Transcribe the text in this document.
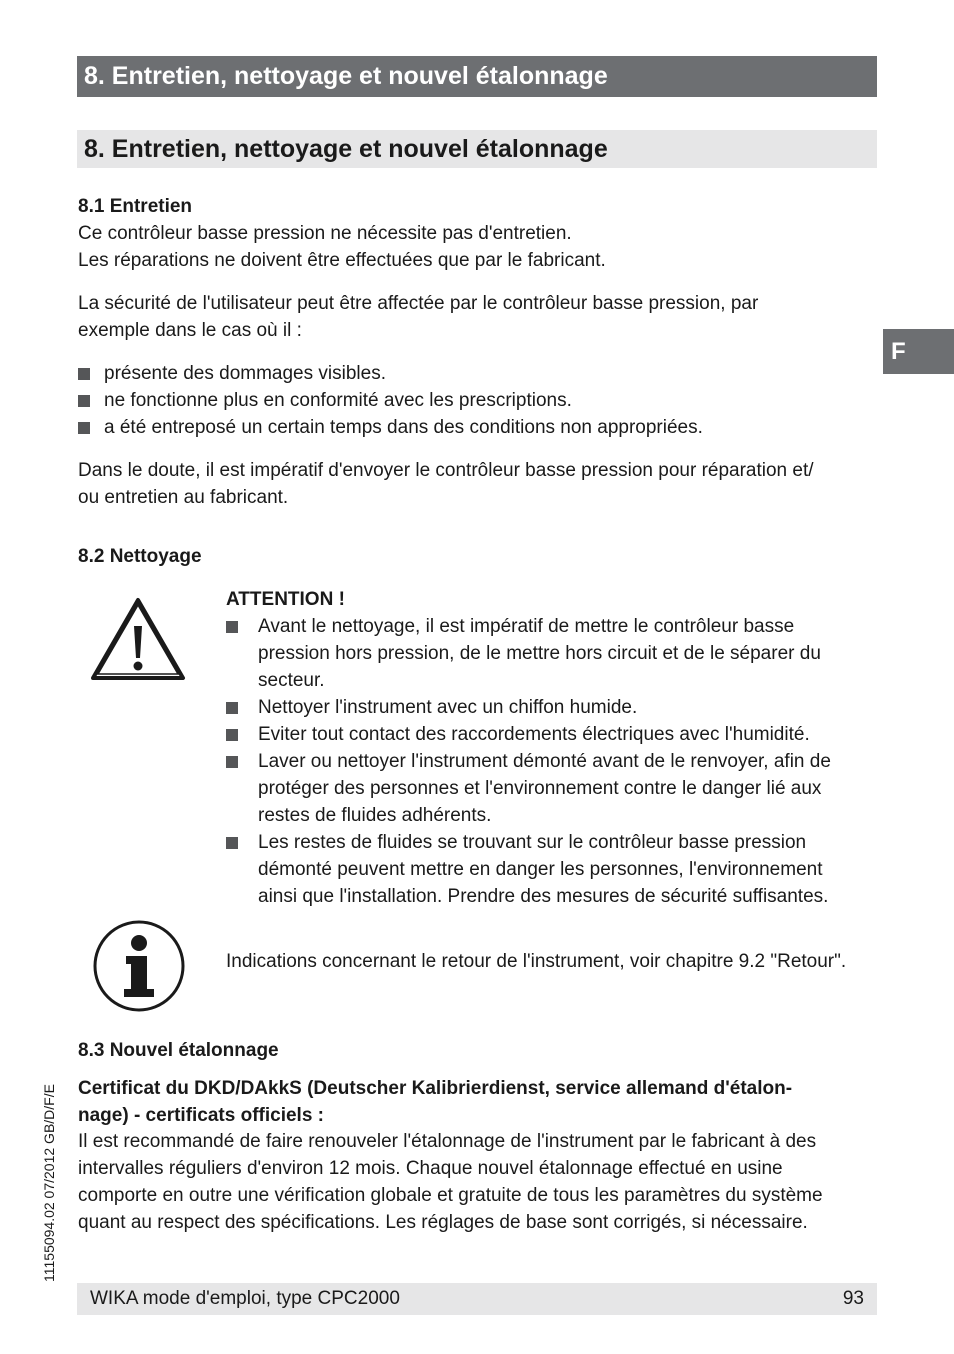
8. Entretien, nettoyage et nouvel étalonnage
8. Entretien, nettoyage et nouvel étalonnage
F
8.1 Entretien
Ce contrôleur basse pression ne nécessite pas d'entretien.
Les réparations ne doivent être effectuées que par le fabricant.
La sécurité de l'utilisateur peut être affectée par le contrôleur basse pression, par
exemple dans le cas où il :
présente des dommages visibles.
ne fonctionne plus en conformité avec les prescriptions.
a été entreposé un certain temps dans des conditions non appropriées.
Dans le doute, il est impératif d'envoyer le contrôleur basse pression pour réparation et/
ou entretien au fabricant.
8.2 Nettoyage
ATTENTION !
Avant le nettoyage, il est impératif de mettre le contrôleur basse
pression hors pression, de le mettre hors circuit et de le séparer du
secteur.
Nettoyer l'instrument avec un chiffon humide.
Eviter tout contact des raccordements électriques avec l'humidité.
Laver ou nettoyer l'instrument démonté avant de le renvoyer, afin de
protéger des personnes et l'environnement contre le danger lié aux
restes de fluides adhérents.
Les restes de fluides se trouvant sur le contrôleur basse pression
démonté peuvent mettre en danger les personnes, l'environnement
ainsi que l'installation. Prendre des mesures de sécurité suffisantes.
Indications concernant le retour de l'instrument, voir chapitre 9.2 "Retour".
8.3 Nouvel étalonnage
Certificat du DKD/DAkkS (Deutscher Kalibrierdienst, service allemand d'étalon-
nage) - certificats officiels :
Il est recommandé de faire renouveler l'étalonnage de l'instrument par le fabricant à des
intervalles réguliers d'environ 12 mois. Chaque nouvel étalonnage effectué en usine
comporte en outre une vérification globale et gratuite de tous les paramètres du système
quant au respect des spécifications. Les réglages de base sont corrigés, si nécessaire.
11155094.02 07/2012 GB/D/F/E
WIKA mode d'emploi, type CPC2000	93
